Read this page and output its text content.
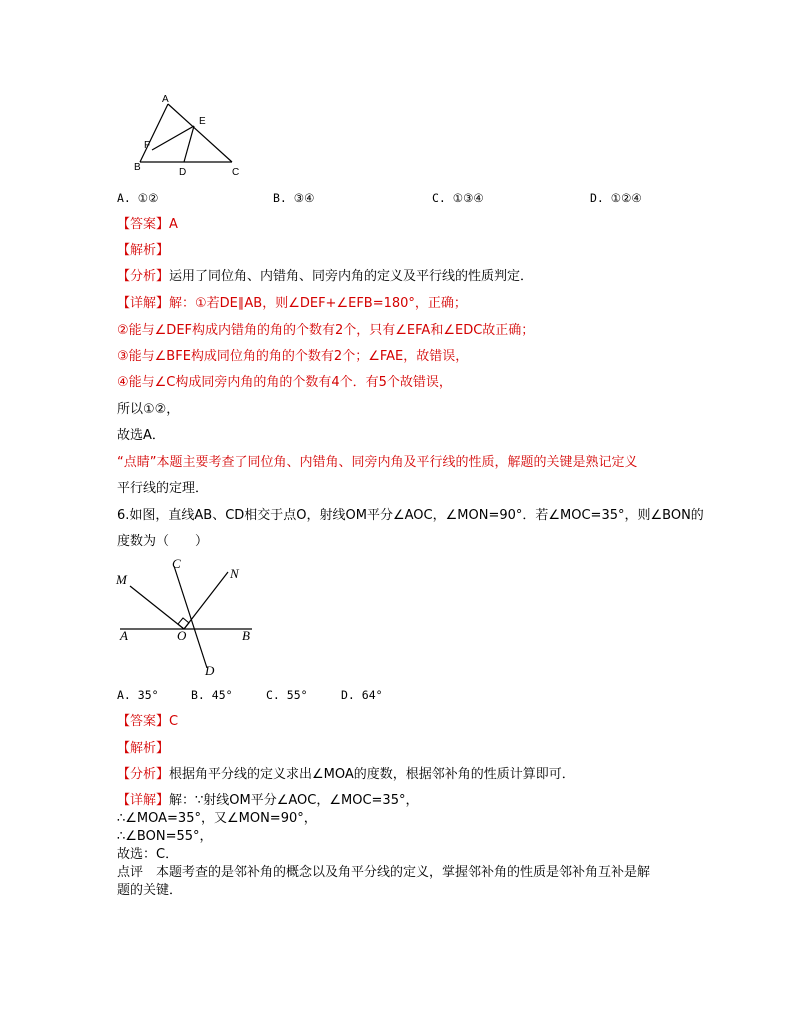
A
E
F
B	D	C
A. ①②	B. ③④	C. ①③④	D. ①②④
【答案】A
【解析】
【分析】运用了同位角、内错角、同旁内角的定义及平行线的性质判定．
【详解】解：①若DE∥AB，则∠DEF+∠EFB=180°，正确；
②能与∠DEF构成内错角的角的个数有2个，只有∠EFA和∠EDC故正确；
③能与∠BFE构成同位角的角的个数有2个；∠FAE，故错误，
④能与∠C构成同旁内角的角的个数有4个．有5个故错误，
所以①②，
故选A．
“点睛”本题主要考查了同位角、内错角、同旁内角及平行线的性质，解题的关键是熟记定义
平行线的定理．
6.如图，直线AB、CD相交于点O，射线OM平分∠AOC，∠MON=90°．若∠MOC=35°，则∠BON的
度数为（　　）
M
C
N
A	O	B
D
A. 35°	B. 45°	C. 55°	D. 64°
【答案】C
【解析】
【分析】根据角平分线的定义求出∠MOA的度数，根据邻补角的性质计算即可．
【详解】解：∵射线OM平分∠AOC，∠MOC=35°，
∴∠MOA=35°，又∠MON=90°，
∴∠BON=55°，
故选：C．
点评　 本题考查的是邻补角的概念以及角平分线的定义，掌握邻补角的性质是邻补角互补是解
题的关键．
